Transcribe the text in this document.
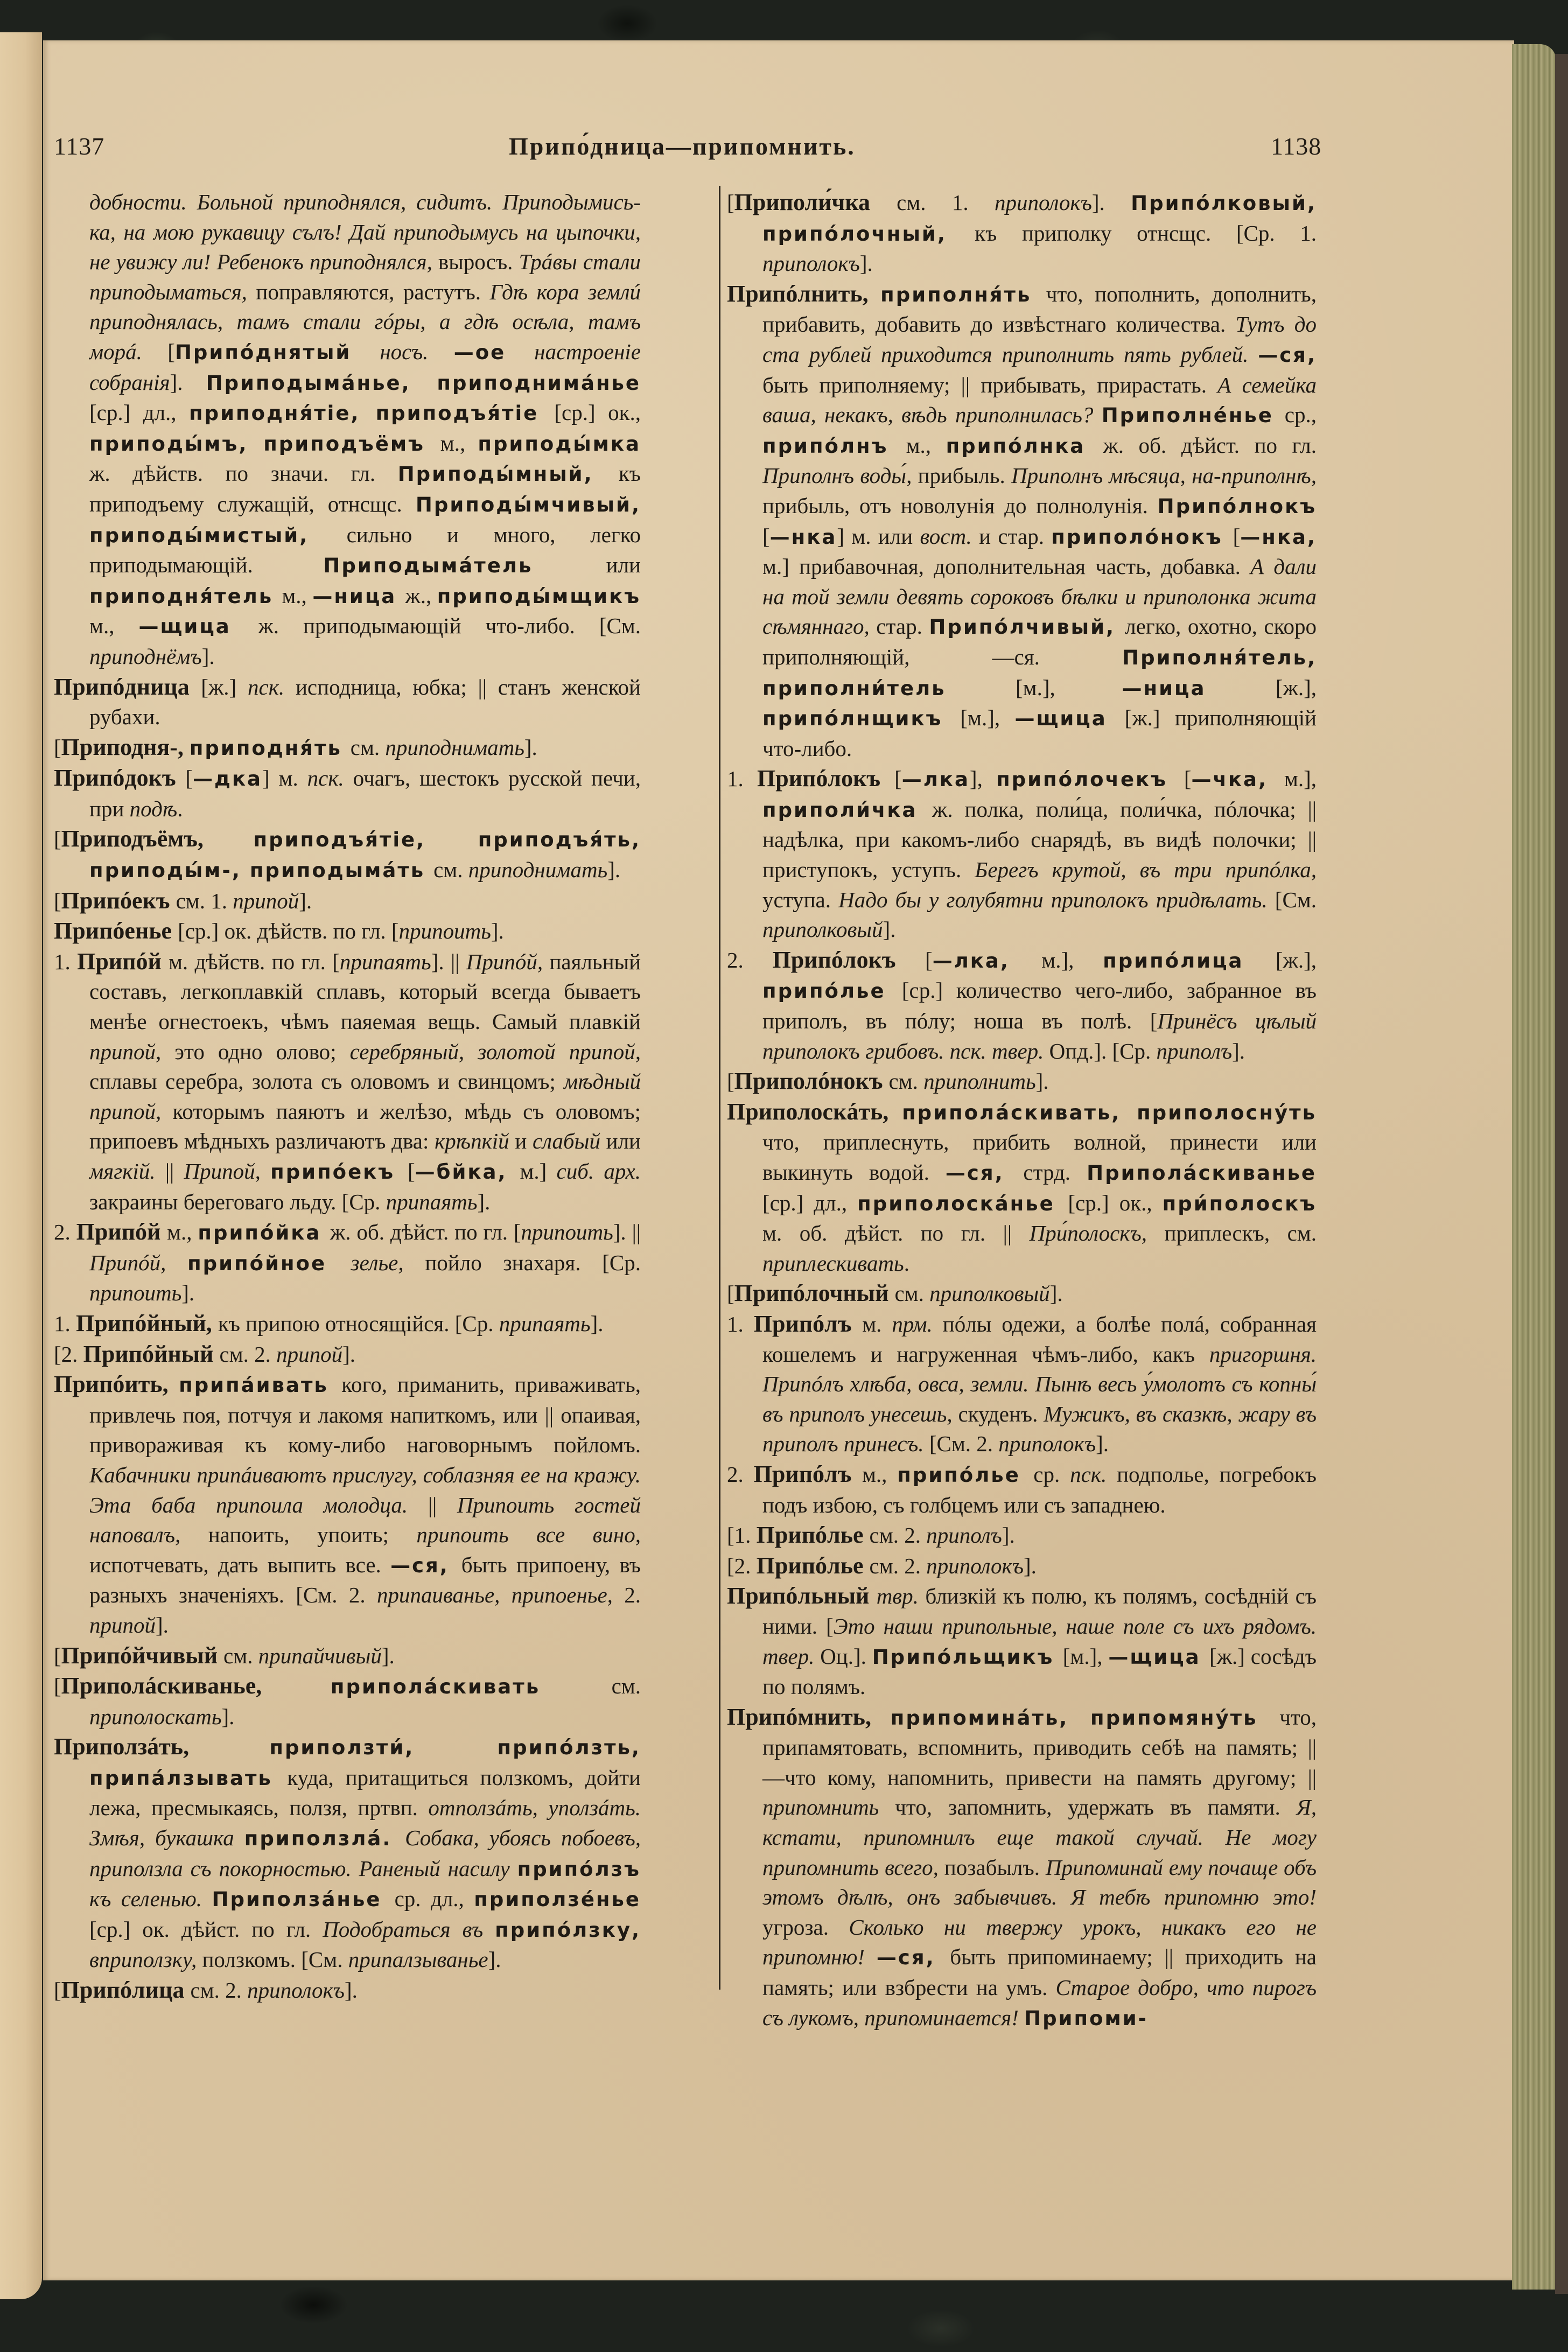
1137	Припо́дница—припомнить.	1138

добности. Больной приподнялся, сидитъ. Приподымись-ка, на мою рукавицу сълъ! Дай приподымусь на цыпочки, не увижу ли! Ребенокъ приподнялся, выросъ. Трáвы стали приподыматься, поправляются, растутъ. Гдѣ кора землú приподнялась, тамъ стали гóры, а гдѣ осѣла, тамъ морá. [Припóднятый носъ. —ое настроеніе собранія]. Приподымáнье, приподнимáнье [ср.] дл., приподня́тіе, приподъя́тіе [ср.] ок., приподы́мъ, приподъёмъ м., приподы́мка ж. дѣйств. по значи. гл. Приподы́мный, къ приподъему служащій, отнсщс. Приподы́мчивый, приподы́мистый, сильно и много, легко приподымающій. Приподымáтель или приподня́тель м., —ница ж., приподы́мщикъ м., —щица ж. приподымающій что-либо. [См. приподнёмъ].

Припóдница [ж.] пск. исподница, юбка; || станъ женской рубахи.

[Приподня-, приподня́ть см. приподнимать].

Припóдокъ [—дка] м. пск. очагъ, шестокъ русской печи, при подѣ.

[Приподъёмъ, приподъя́тіе, приподъя́ть, приподы́м-, приподымáть см. приподнимать].

[Припóекъ см. 1. припой].

Припóенье [ср.] ок. дѣйств. по гл. [припоить].

1. Припóй м. дѣйств. по гл. [припаять]. || Припóй, паяльный составъ, легкоплавкій сплавъ, который всегда бываетъ менѣе огнестоекъ, чѣмъ паяемая вещь. Самый плавкій припой, это одно олово; серебряный, золотой припой, сплавы серебра, золота съ оловомъ и свинцомъ; мѣдный припой, которымъ паяютъ и желѣзо, мѣдь съ оловомъ; припоевъ мѣдныхъ различаютъ два: крѣпкій и слабый или мягкій. || Припой, припóекъ [—бйка, м.] сиб. арх. закраины береговаго льду. [Ср. припаять].

2. Припóй м., припóйка ж. об. дѣйст. по гл. [припоить]. || Припóй, припóйное зелье, пойло знахаря. [Ср. припоить].

1. Припóйный, къ припою относящійся. [Ср. припаять].

[2. Припóйный см. 2. припой].

Припóить, припáивать кого, приманить, приваживать, привлечь поя, потчуя и лакомя напиткомъ, или || опаивая, привораживая къ кому-либо наговорнымъ пойломъ. Кабачники припáиваютъ прислугу, соблазняя ее на кражу. Эта баба припоила молодца. || Припоить гостей наповалъ, напоить, упоить; припоить все вино, испотчевать, дать выпить все. —ся, быть припоену, въ разныхъ значеніяхъ. [См. 2. припаиванье, припоенье, 2. припой].

[Припóйчивый см. припайчивый].

[Приполáскиванье, приполáскивать см. приполоскать].

Приползáть, приползти́, припóлзть, припáлзывать куда, притащиться ползкомъ, дойти лежа, пресмыкаясь, ползя, пртвп. отползáть, уползáть. Змѣя, букашка приползлá. Собака, убоясь побоевъ, приползла съ покорностью. Раненый насилу припóлзъ къ селенью. Приползáнье ср. дл., приползéнье [ср.] ок. дѣйст. по гл. Подобраться въ припóлзку, вприползку, ползкомъ. [См. припалзыванье].

[Припóлица см. 2. приполокъ].

[Приполи́чка см. 1. приполокъ]. Припóлковый, припóлочный, къ приполку отнсщс. [Ср. 1. приполокъ].

Припóлнить, приполня́ть что, пополнить, дополнить, прибавить, добавить до извѣстнаго количества. Тутъ до ста рублей приходится приполнить пять рублей. —ся, быть приполняему; || прибывать, прирастать. А семейка ваша, некакъ, вѣдь приполнилась? Приполнéнье ср., припóлнъ м., припóлнка ж. об. дѣйст. по гл. Приполнъ воды́, прибыль. Приполнъ мѣсяца, на-приполнѣ, прибыль, отъ новолунія до полнолунія. Припóлнокъ [—нка] м. или вост. и стар. приполóнокъ [—нка, м.] прибавочная, дополнительная часть, добавка. А дали на той земли девять сороковъ бѣлки и приполонка жита сѣмяннаго, стар. Припóлчивый, легко, охотно, скоро приполняющій, —ся. Приполня́тель, приполни́тель [м.], —ница [ж.], припóлнщикъ [м.], —щица [ж.] приполняющій что-либо.

1. Припóлокъ [—лка], припóлочекъ [—чка, м.], приполи́чка ж. полка, поли́ца, поли́чка, пóлочка; || надѣлка, при какомъ-либо снарядѣ, въ видѣ полочки; || приступокъ, уступъ. Берегъ крутой, въ три припóлка, уступа. Надо бы у голубятни приполокъ придѣлать. [См. приполковый].

2. Припóлокъ [—лка, м.], припóлица [ж.], припóлье [ср.] количество чего-либо, забранное въ приполъ, въ пóлу; ноша въ полѣ. [Принёсъ цѣлый приполокъ грибовъ. пск. твер. Опд.]. [Ср. приполъ].

[Приполóнокъ см. приполнить].

Приполоскáть, приполáскивать, приполосну́ть что, приплеснуть, прибить волной, принести или выкинуть водой. —ся, стрд. Приполáскиванье [ср.] дл., приполоскáнье [ср.] ок., при́полоскъ м. об. дѣйст. по гл. || При́полоскъ, приплескъ, см. приплескивать.

[Припóлочный см. приполковый].

1. Припóлъ м. прм. пóлы одежи, а болѣе полá, собранная кошелемъ и нагруженная чѣмъ-либо, какъ пригоршня. Припóлъ хлѣба, овса, земли. Пынѣ весь у́молотъ съ копны́ въ приполъ унесешь, скуденъ. Мужикъ, въ сказкѣ, жару въ приполъ принесъ. [См. 2. приполокъ].

2. Припóлъ м., припóлье ср. пск. подполье, погребокъ подъ избою, съ голбцемъ или съ западнею.

[1. Припóлье см. 2. приполъ].

[2. Припóлье см. 2. приполокъ].

Припóльный твр. близкій къ полю, къ полямъ, сосѣдній съ ними. [Это наши припольные, наше поле съ ихъ рядомъ. твер. Оц.]. Припóльщикъ [м.], —щица [ж.] сосѣдъ по полямъ.

Припóмнить, припоминáть, припомяну́ть что, припамятовать, вспомнить, приводить себѣ на память; || —что кому, напомнить, привести на память другому; || припомнить что, запомнить, удержать въ памяти. Я, кстати, припомнилъ еще такой случай. Не могу припомнить всего, позабылъ. Припоминай ему почаще объ этомъ дѣлѣ, онъ забывчивъ. Я тебѣ припомню это! угроза. Сколько ни твержу урокъ, никакъ его не припомню! —ся, быть припоминаему; || приходить на память; или взбрести на умъ. Старое добро, что пирогъ съ лукомъ, припоминается! Припоми-
